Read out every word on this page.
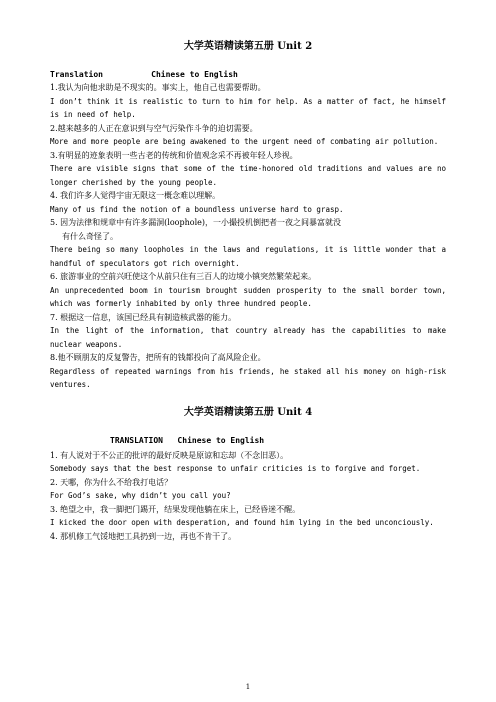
大学英语精读第五册 Unit 2
Translation          Chinese to English
1.我认为向他求助是不现实的。事实上，他自己也需要帮助。
I don’t think it is realistic to turn to him for help. As a matter of fact, he himself is in need of help.
2.越来越多的人正在意识到与空气污染作斗争的迫切需要。
More and more people are being awakened to the urgent need of combating air pollution.
3.有明显的迹象表明一些古老的传统和价值观念采不再被年轻人珍视。
There are visible signs that some of the time-honored old traditions and values are no longer cherished by the young people.
4. 我们许多人觉得宇宙无限这一概念难以理解。
Many of us find the notion of a boundless universe hard to grasp.
5. 因为法律和规章中有许多漏洞(loophole)，一小撮投机倒把者一夜之间暴富就没
有什么奇怪了。
There being so many loopholes in the laws and regulations, it is little wonder that a handful of speculators got rich overnight.
6. 旅游事业的空前兴旺使这个从前只住有三百人的边境小镇突然繁荣起来。
An unprecedented boom in tourism brought sudden prosperity to the small border town, which was formerly inhabited by only three hundred people.
7. 根据这一信息，该国已经具有制造核武器的能力。
In the light of the information, that country already has the capabilities to make nuclear weapons.
8.他不顾朋友的反复警告，把所有的钱都投向了高风险企业。
Regardless of repeated warnings from his friends, he staked all his money on high-risk ventures.
大学英语精读第五册 Unit 4
TRANSLATION   Chinese to English
1. 有人说对于不公正的批评的最好反映是原谅和忘却（不念旧恶）。
Somebody says that the best response to unfair criticies is to forgive and forget.
2. 天哪，你为什么不给我打电话？
For God’s sake, why didn’t you call you?
3. 绝望之中，我一脚把门踢开，结果发现他躺在床上，已经昏迷不醒。
I kicked the door open with desperation, and found him lying in the bed unconciously.
4. 那机修工气馁地把工具扔到一边，再也不肯干了。
1
